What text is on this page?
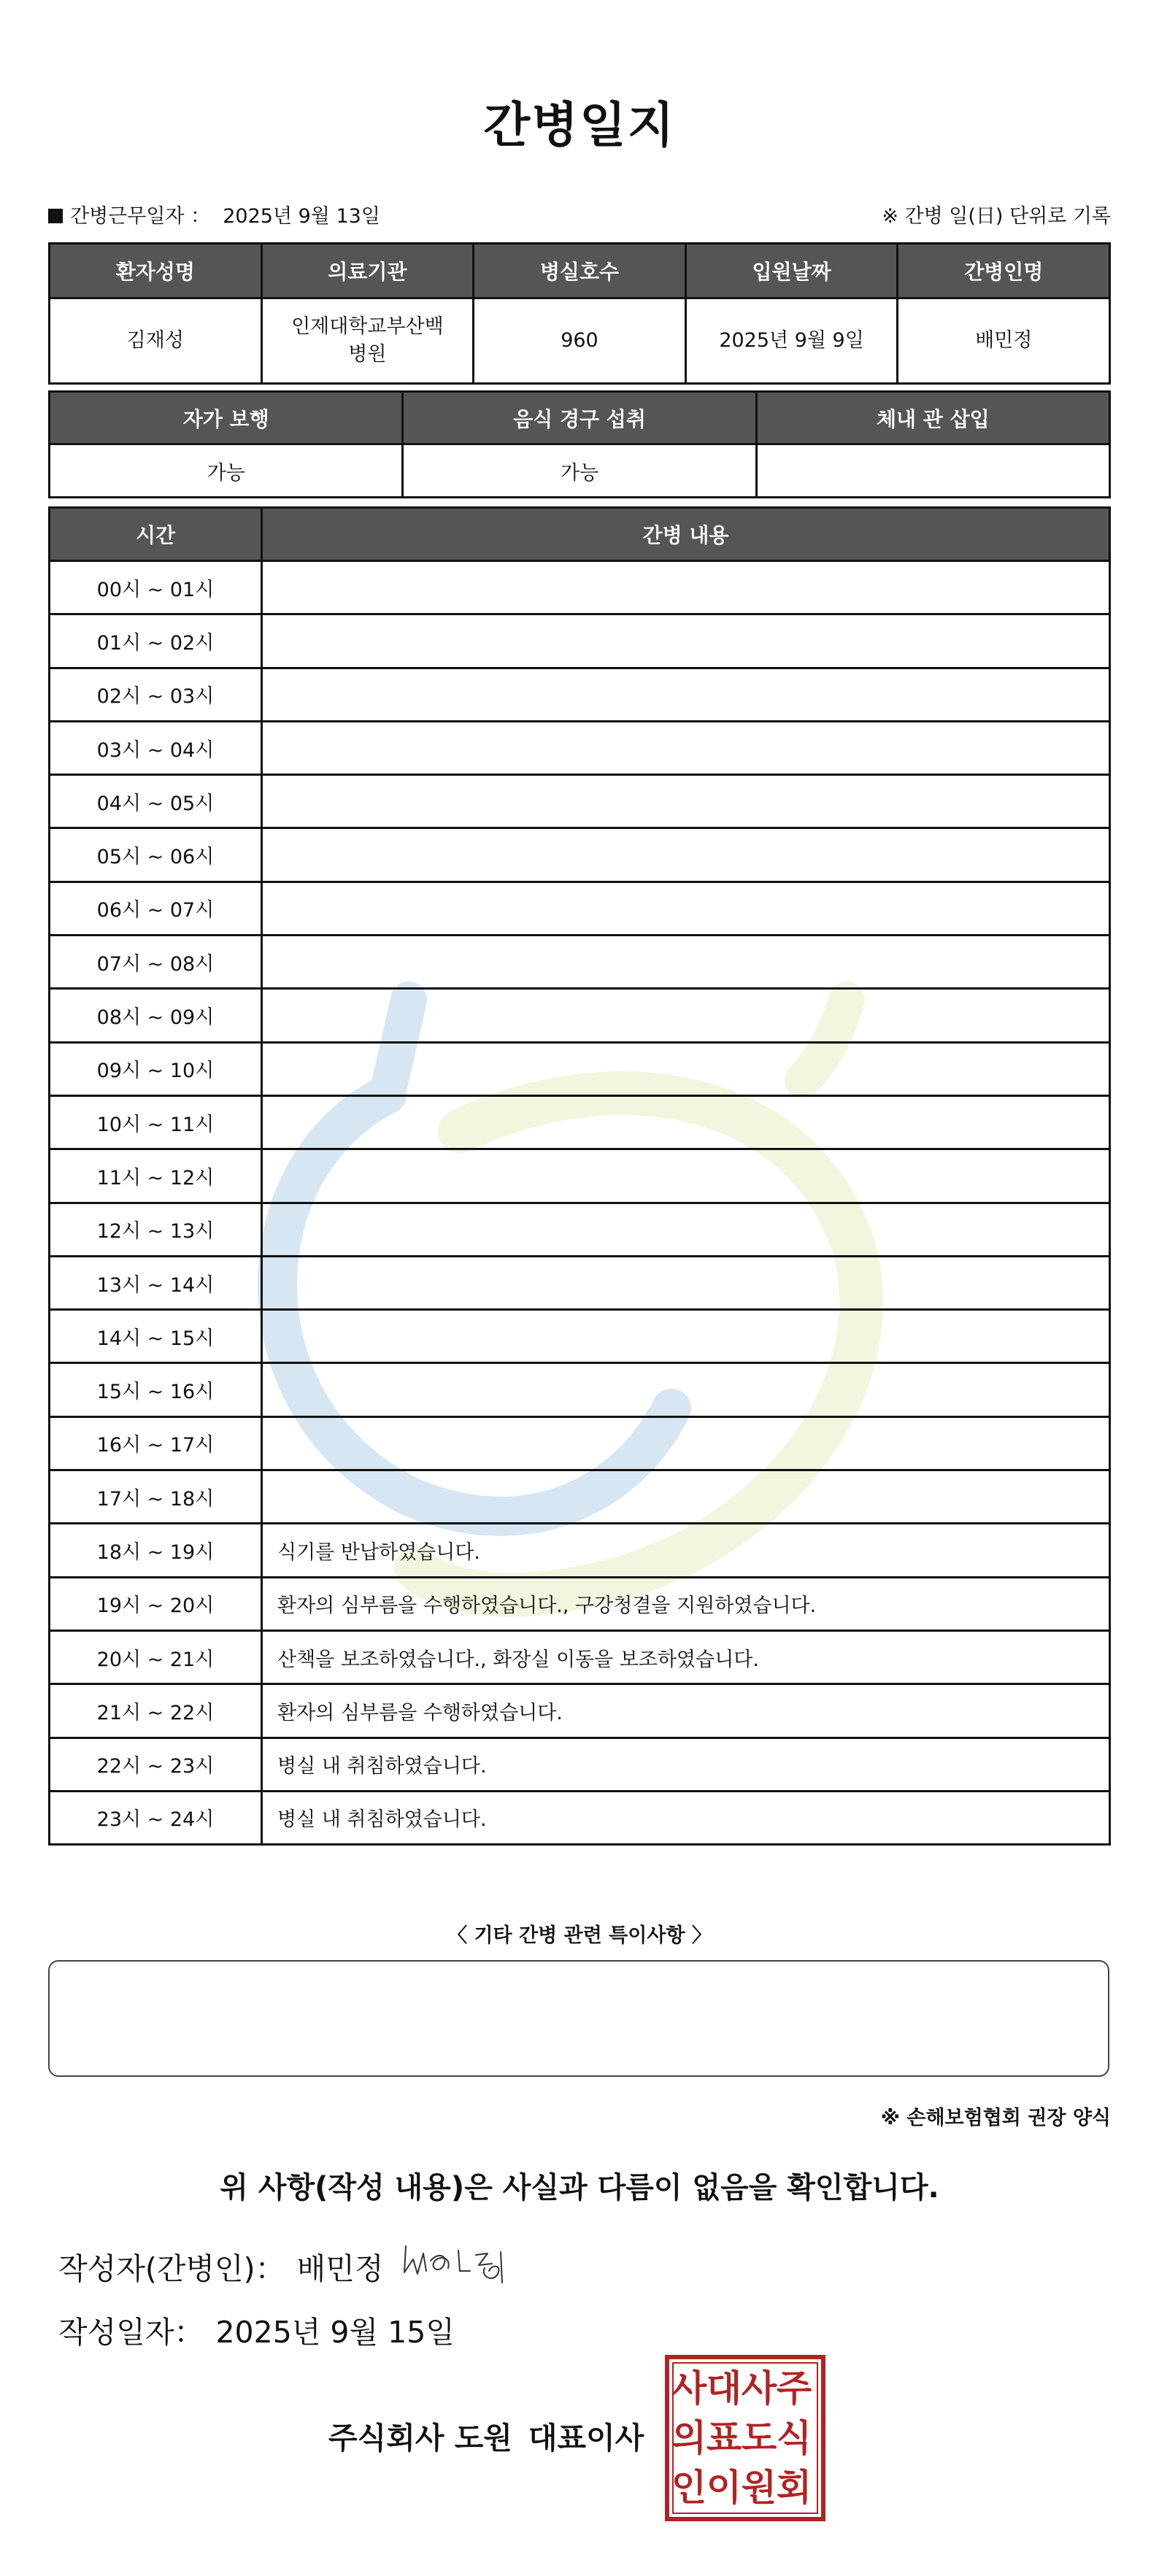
간병일지
간병근무일자 ： 2025년 9월 13일	※ 간병 일(日) 단위로 기록
환자성명	의료기관	병실호수	입원날짜	간병인명
김재성	인제대학교부산백병원	960	2025년 9월 9일	배민정
자가 보행	음식 경구 섭취	체내 관 삽입
가능	가능	
시간	간병 내용
00시 ~ 01시	
01시 ~ 02시	
02시 ~ 03시	
03시 ~ 04시	
04시 ~ 05시	
05시 ~ 06시	
06시 ~ 07시	
07시 ~ 08시	
08시 ~ 09시	
09시 ~ 10시	
10시 ~ 11시	
11시 ~ 12시	
12시 ~ 13시	
13시 ~ 14시	
14시 ~ 15시	
15시 ~ 16시	
16시 ~ 17시	
17시 ~ 18시	
18시 ~ 19시	식기를 반납하였습니다.
19시 ~ 20시	환자의 심부름을 수행하였습니다., 구강청결을 지원하였습니다.
20시 ~ 21시	산책을 보조하였습니다., 화장실 이동을 보조하였습니다.
21시 ~ 22시	환자의 심부름을 수행하였습니다.
22시 ~ 23시	병실 내 취침하였습니다.
23시 ~ 24시	병실 내 취침하였습니다.
〈 기타 간병 관련 특이사항 〉
※ 손해보험협회 권장 양식
위 사항(작성 내용)은 사실과 다름이 없음을 확인합니다.
작성자(간병인)： 배민정
작성일자： 2025년 9월 15일
주식회사 도원 대표이사
주
식
회
사
도
원
대
표
이
사
의
인
